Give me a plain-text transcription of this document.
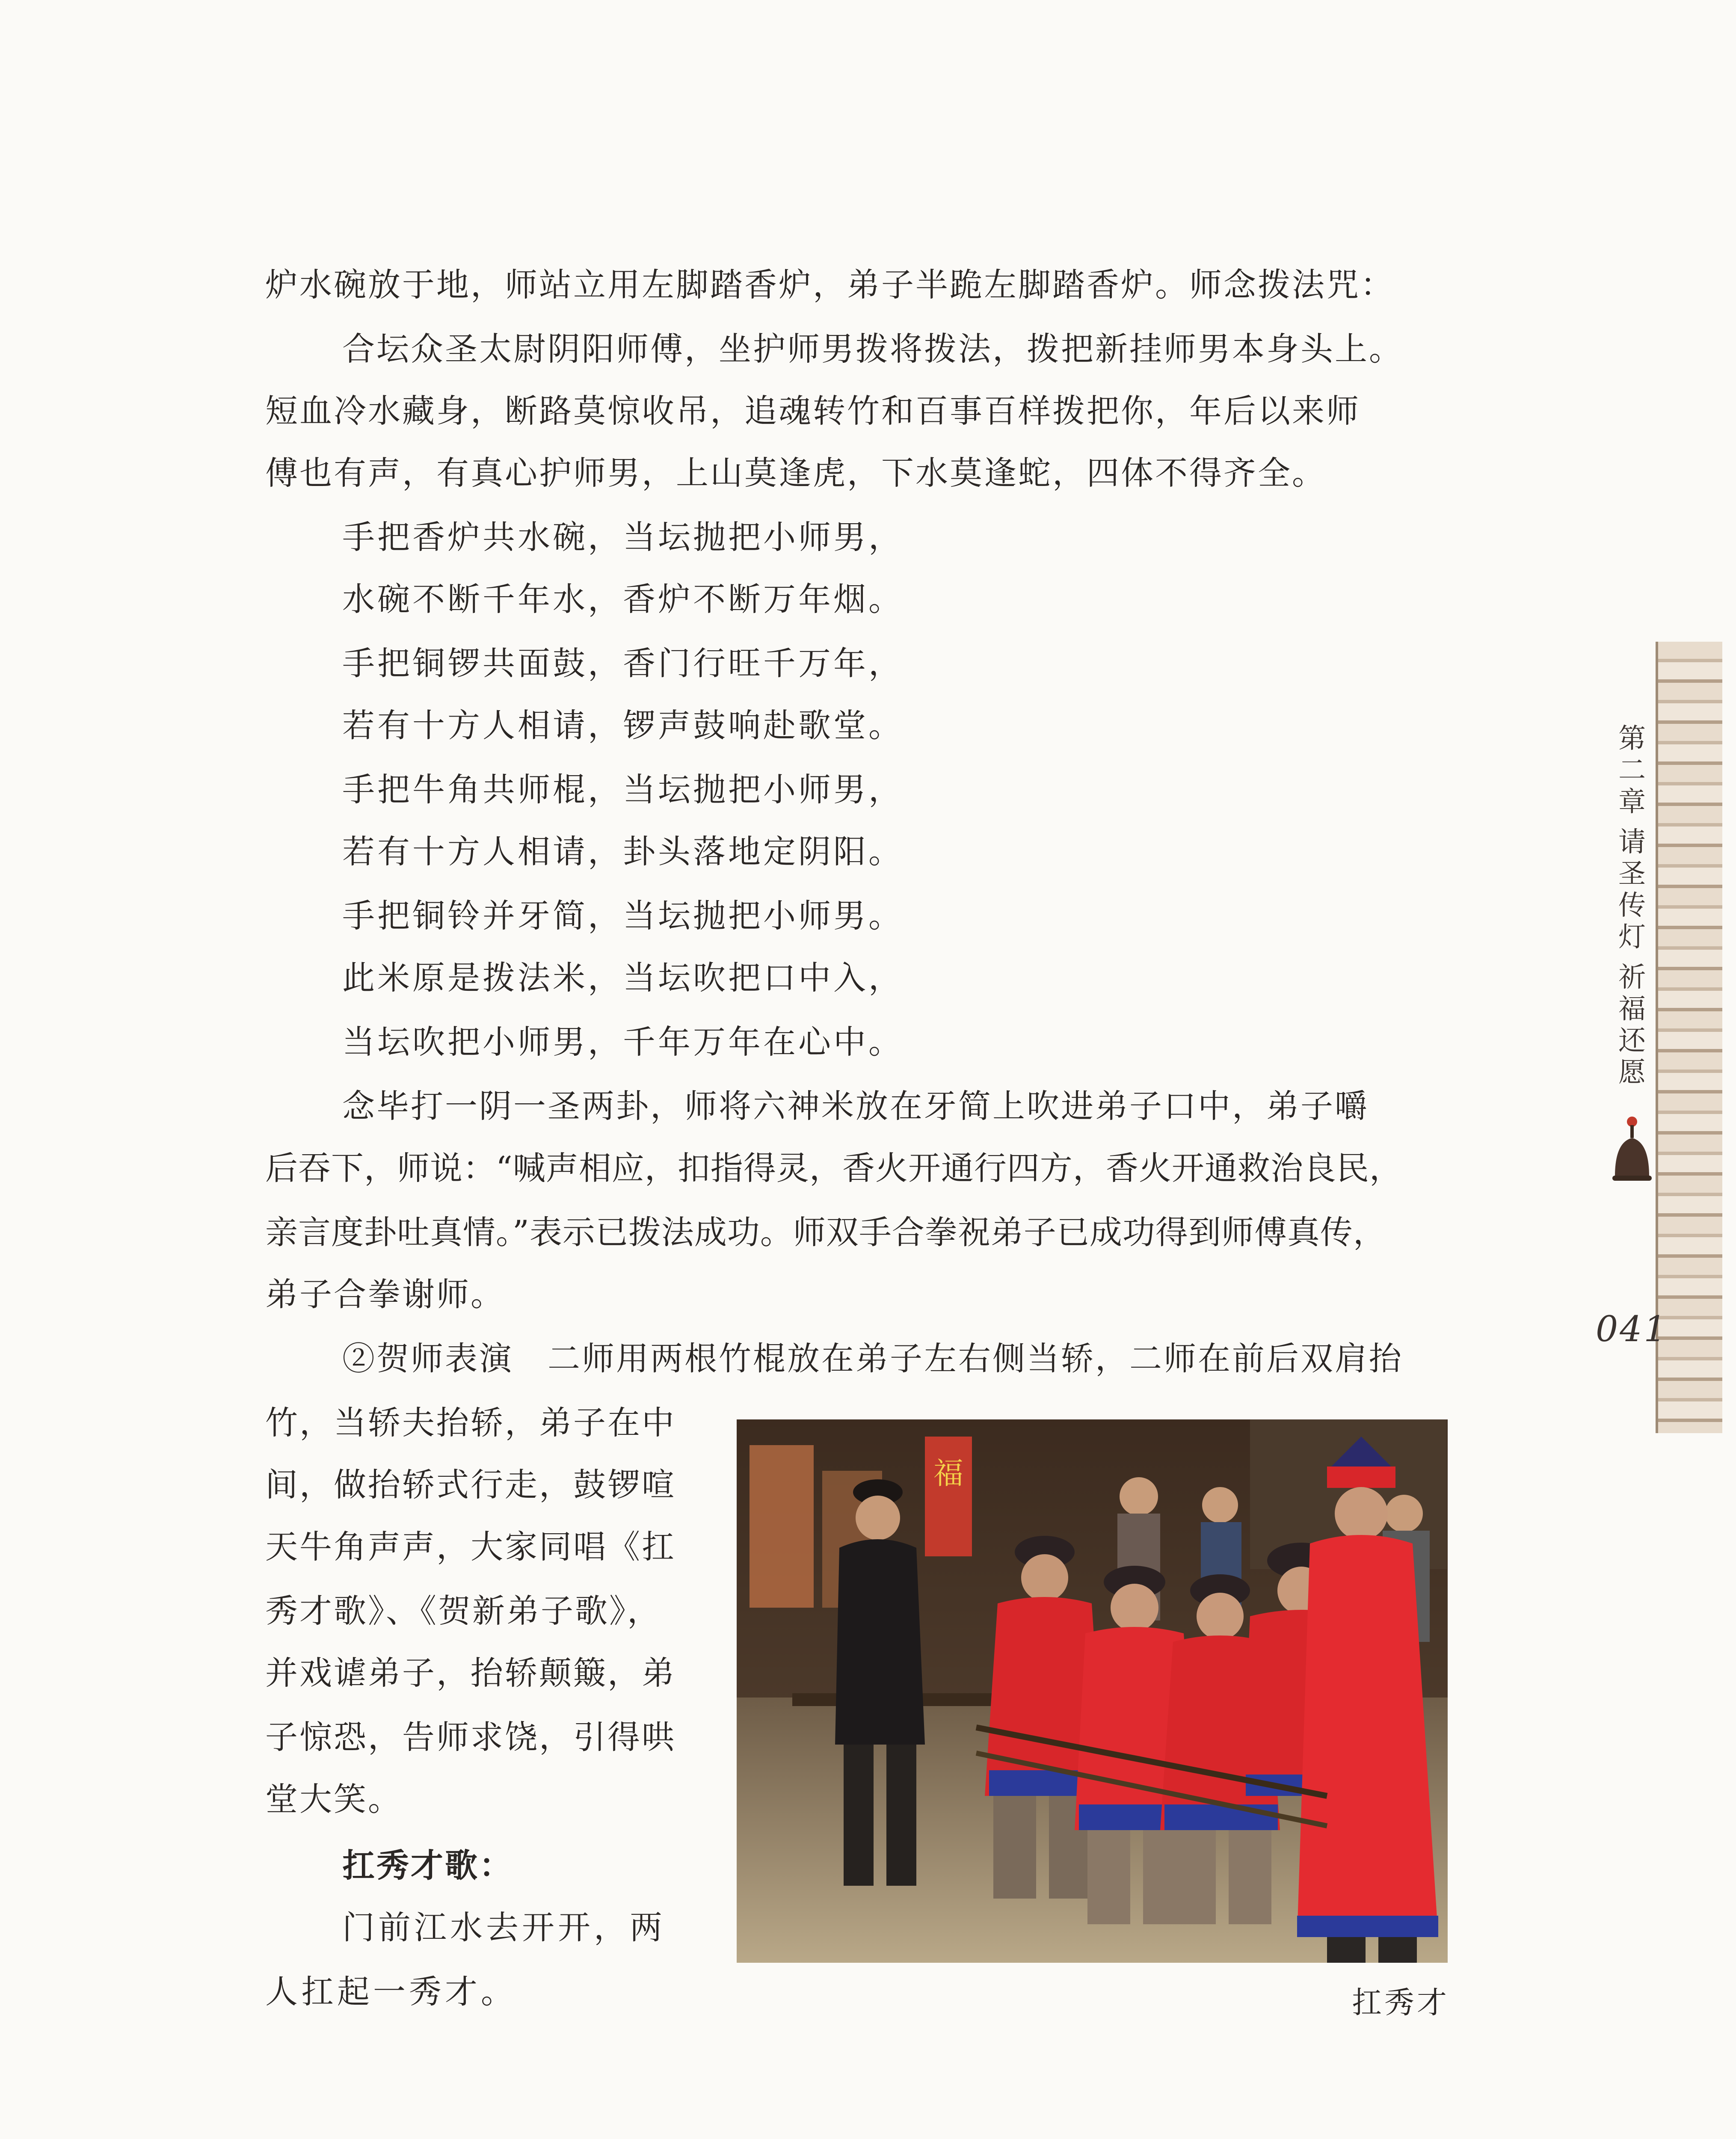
炉水碗放于地，师站立用左脚踏香炉，弟子半跪左脚踏香炉。师念拨法咒：
合坛众圣太尉阴阳师傅，坐护师男拨将拨法，拨把新挂师男本身头上。
短血冷水藏身，断路莫惊收吊，追魂转竹和百事百样拨把你，年后以来师
傅也有声，有真心护师男，上山莫逢虎，下水莫逢蛇，四体不得齐全。
手把香炉共水碗，当坛抛把小师男，
水碗不断千年水，香炉不断万年烟。
手把铜锣共面鼓，香门行旺千万年，
若有十方人相请，锣声鼓响赴歌堂。
手把牛角共师棍，当坛抛把小师男，
若有十方人相请，卦头落地定阴阳。
手把铜铃并牙简，当坛抛把小师男。
此米原是拨法米，当坛吹把口中入，
当坛吹把小师男，千年万年在心中。
念毕打一阴一圣两卦，师将六神米放在牙简上吹进弟子口中，弟子嚼
后吞下，师说：“喊声相应，扣指得灵，香火开通行四方，香火开通救治良民，
亲言度卦吐真情。”表示已拨法成功。师双手合拳祝弟子已成功得到师傅真传，
弟子合拳谢师。
②贺师表演　二师用两根竹棍放在弟子左右侧当轿，二师在前后双肩抬
竹，当轿夫抬轿，弟子在中
间，做抬轿式行走，鼓锣喧
天牛角声声，大家同唱《扛
秀才歌》、《贺新弟子歌》，
并戏谑弟子，抬轿颠簸，弟
子惊恐，告师求饶，引得哄
堂大笑。
扛秀才歌：
门前江水去开开，两
人扛起一秀才。
福
扛秀才
第
二
章
请
圣
传
灯
祈
福
还
愿
041
